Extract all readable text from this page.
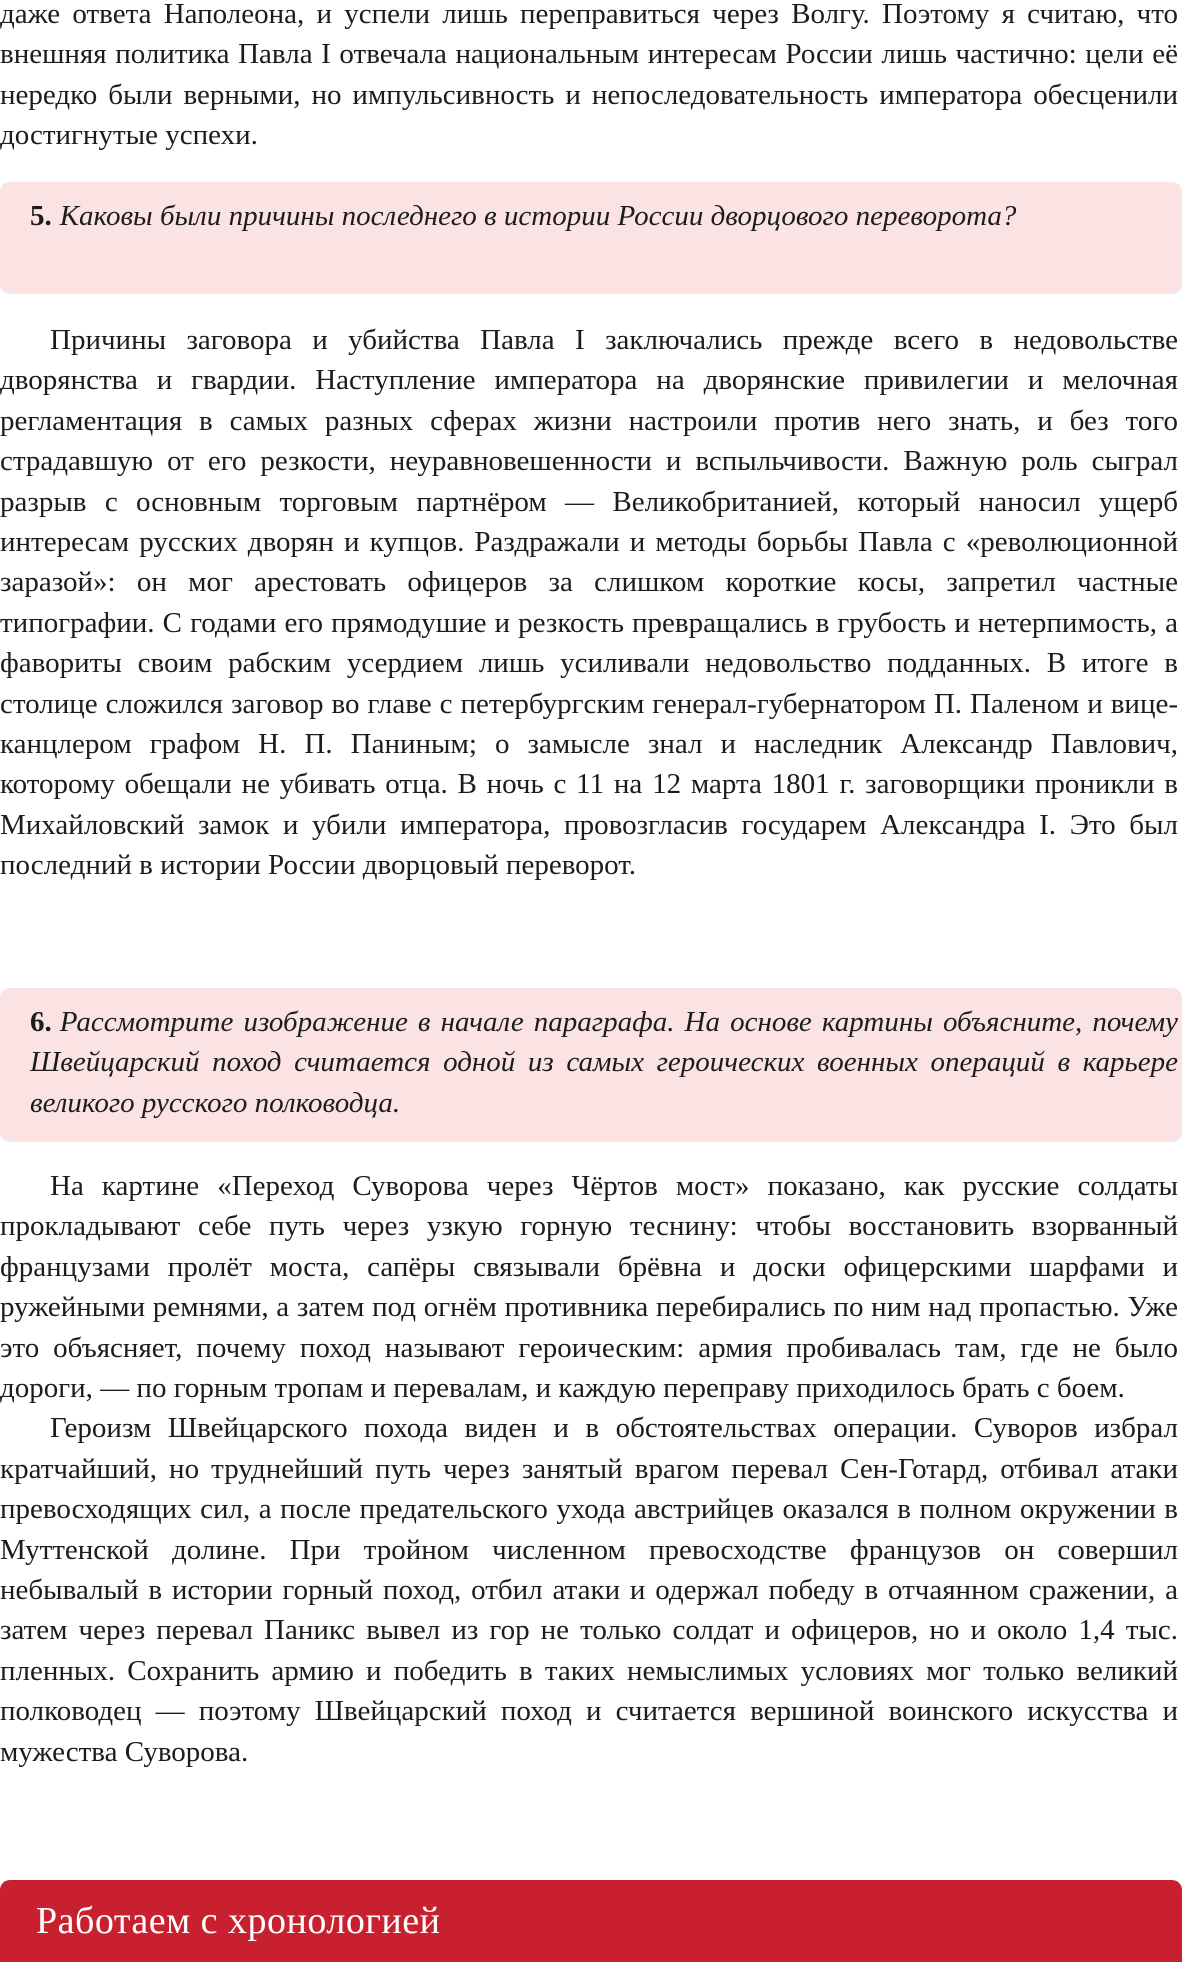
даже ответа Наполеона, и успели лишь переправиться через Волгу. Поэтому я считаю, что внешняя политика Павла I отвечала национальным интересам России лишь частично: цели её нередко были верными, но импульсивность и непоследовательность императора обесценили достигнутые успехи.

5. Каковы были причины последнего в истории России дворцового переворота?

Причины заговора и убийства Павла I заключались прежде всего в недовольстве дворянства и гвардии. Наступление императора на дворянские привилегии и мелочная регламентация в самых разных сферах жизни настроили против него знать, и без того страдавшую от его резкости, неуравновешенности и вспыльчивости. Важную роль сыграл разрыв с основным торговым партнёром — Великобританией, который наносил ущерб интересам русских дворян и купцов. Раздражали и методы борьбы Павла с «революционной заразой»: он мог арестовать офицеров за слишком короткие косы, запретил частные типографии. С годами его прямодушие и резкость превращались в грубость и нетерпимость, а фавориты своим рабским усердием лишь усиливали недовольство подданных. В итоге в столице сложился заговор во главе с петербургским генерал-губернатором П. Паленом и вице-канцлером графом Н. П. Паниным; о замысле знал и наследник Александр Павлович, которому обещали не убивать отца. В ночь с 11 на 12 марта 1801 г. заговорщики проникли в Михайловский замок и убили императора, провозгласив государем Александра I. Это был последний в истории России дворцовый переворот.

6. Рассмотрите изображение в начале параграфа. На основе картины объясните, почему Швейцарский поход считается одной из самых героических военных операций в карьере великого русского полководца.

На картине «Переход Суворова через Чёртов мост» показано, как русские солдаты прокладывают себе путь через узкую горную теснину: чтобы восстановить взорванный французами пролёт моста, сапёры связывали брёвна и доски офицерскими шарфами и ружейными ремнями, а затем под огнём противника перебирались по ним над пропастью. Уже это объясняет, почему поход называют героическим: армия пробивалась там, где не было дороги, — по горным тропам и перевалам, и каждую переправу приходилось брать с боем.

Героизм Швейцарского похода виден и в обстоятельствах операции. Суворов избрал кратчайший, но труднейший путь через занятый врагом перевал Сен-Готард, отбивал атаки превосходящих сил, а после предательского ухода австрийцев оказался в полном окружении в Муттенской долине. При тройном численном превосходстве французов он совершил небывалый в истории горный поход, отбил атаки и одержал победу в отчаянном сражении, а затем через перевал Паникс вывел из гор не только солдат и офицеров, но и около 1,4 тыс. пленных. Сохранить армию и победить в таких немыслимых условиях мог только великий полководец — поэтому Швейцарский поход и считается вершиной воинского искусства и мужества Суворова.

Работаем с хронологией
